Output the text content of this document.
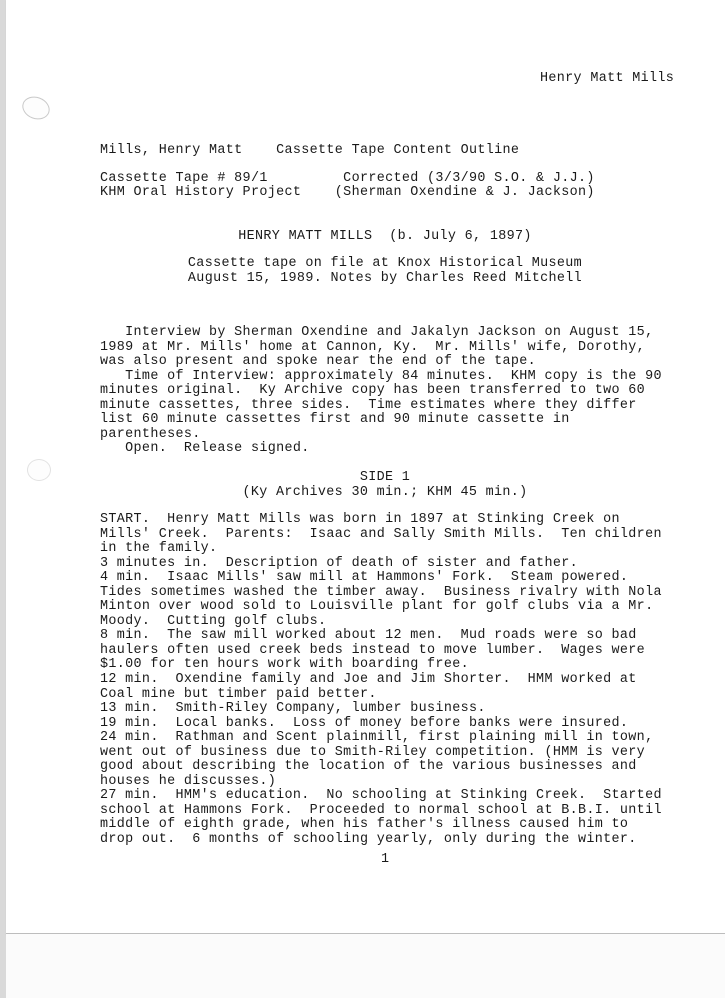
Henry Matt Mills
Mills, Henry Matt    Cassette Tape Content Outline
Cassette Tape # 89/1         Corrected (3/3/90 S.O. & J.J.)
KHM Oral History Project    (Sherman Oxendine & J. Jackson)
HENRY MATT MILLS  (b. July 6, 1897)
Cassette tape on file at Knox Historical Museum
August 15, 1989. Notes by Charles Reed Mitchell
Interview by Sherman Oxendine and Jakalyn Jackson on August 15,
1989 at Mr. Mills' home at Cannon, Ky.  Mr. Mills' wife, Dorothy,
was also present and spoke near the end of the tape.
Time of Interview: approximately 84 minutes.  KHM copy is the 90
minutes original.  Ky Archive copy has been transferred to two 60
minute cassettes, three sides.  Time estimates where they differ
list 60 minute cassettes first and 90 minute cassette in
parentheses.
Open.  Release signed.
SIDE 1
(Ky Archives 30 min.; KHM 45 min.)
START.  Henry Matt Mills was born in 1897 at Stinking Creek on
Mills' Creek.  Parents:  Isaac and Sally Smith Mills.  Ten children
in the family.
3 minutes in.  Description of death of sister and father.
4 min.  Isaac Mills' saw mill at Hammons' Fork.  Steam powered.
Tides sometimes washed the timber away.  Business rivalry with Nola
Minton over wood sold to Louisville plant for golf clubs via a Mr.
Moody.  Cutting golf clubs.
8 min.  The saw mill worked about 12 men.  Mud roads were so bad
haulers often used creek beds instead to move lumber.  Wages were
$1.00 for ten hours work with boarding free.
12 min.  Oxendine family and Joe and Jim Shorter.  HMM worked at
Coal mine but timber paid better.
13 min.  Smith-Riley Company, lumber business.
19 min.  Local banks.  Loss of money before banks were insured.
24 min.  Rathman and Scent plainmill, first plaining mill in town,
went out of business due to Smith-Riley competition. (HMM is very
good about describing the location of the various businesses and
houses he discusses.)
27 min.  HMM's education.  No schooling at Stinking Creek.  Started
school at Hammons Fork.  Proceeded to normal school at B.B.I. until
middle of eighth grade, when his father's illness caused him to
drop out.  6 months of schooling yearly, only during the winter.
1
